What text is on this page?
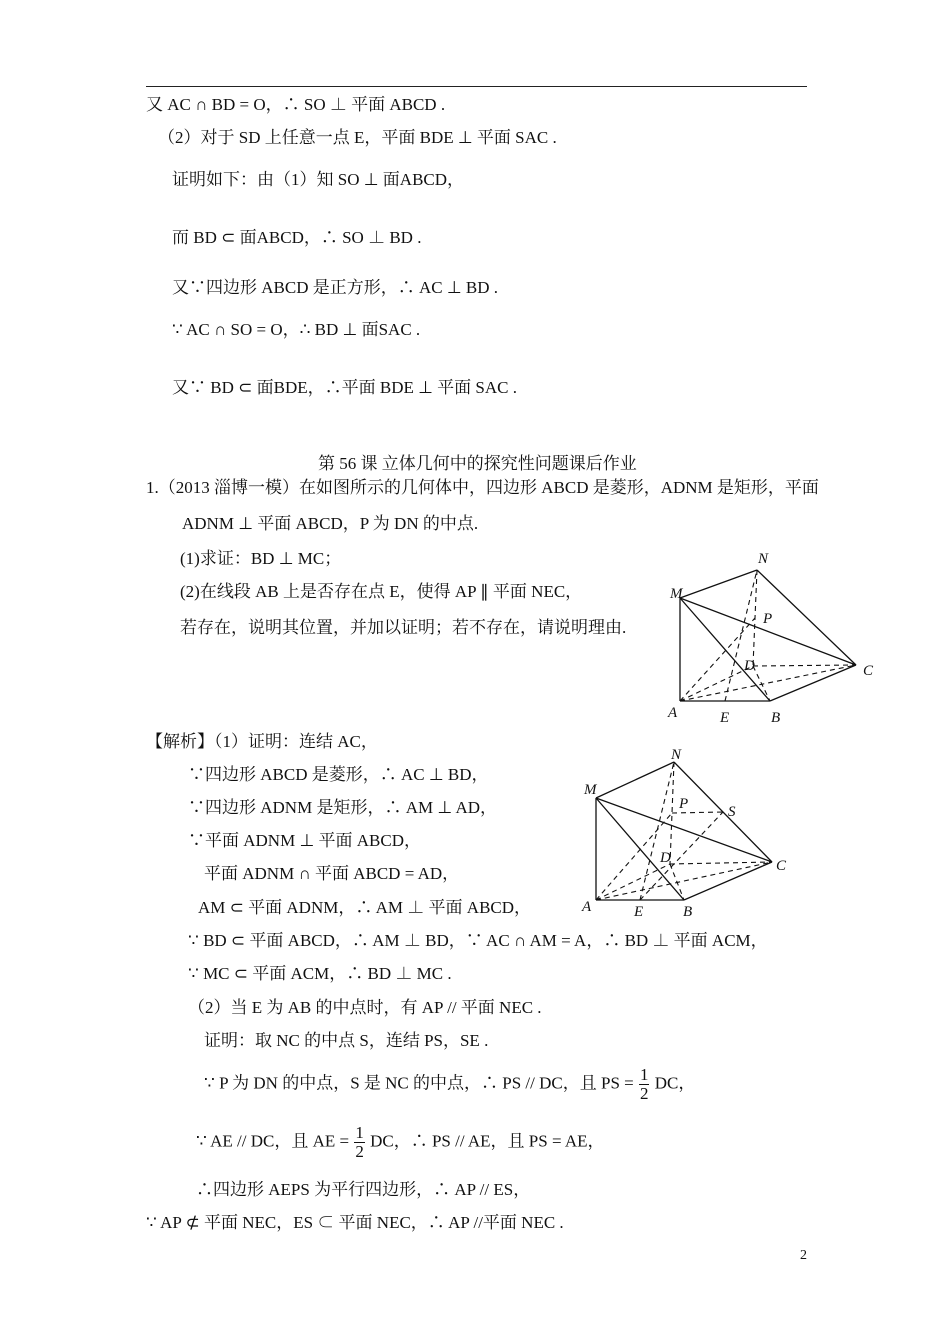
又 AC ∩ BD = O，∴ SO ⊥ 平面 ABCD .
（2）对于 SD 上任意一点 E，平面 BDE ⊥ 平面 SAC .
证明如下：由（1）知 SO ⊥ 面ABCD，
而 BD ⊂ 面ABCD，∴ SO ⊥ BD .
又∵四边形 ABCD 是正方形，∴ AC ⊥ BD .
∵ AC ∩ SO = O，∴ BD ⊥ 面SAC .
又∵ BD ⊂ 面BDE，∴平面 BDE ⊥ 平面 SAC .
第 56 课 立体几何中的探究性问题课后作业
1.（2013 淄博一模）在如图所示的几何体中，四边形 ABCD 是菱形，ADNM 是矩形，平面
ADNM ⊥ 平面 ABCD，P 为 DN 的中点.
(1)求证：BD ⊥ MC；
(2)在线段 AB 上是否存在点 E，使得 AP ∥ 平面 NEC，
若存在，说明其位置，并加以证明；若不存在，请说明理由.
N
M
P
D	C
A	E	B
【解析】（1）证明：连结 AC，
∵四边形 ABCD 是菱形，∴ AC ⊥ BD，
∵四边形 ADNM 是矩形，∴ AM ⊥ AD，
∵平面 ADNM ⊥ 平面 ABCD，
平面 ADNM ∩ 平面 ABCD = AD，
AM ⊂ 平面 ADNM，∴ AM ⊥ 平面 ABCD，
∵ BD ⊂ 平面 ABCD，∴ AM ⊥ BD，∵ AC ∩ AM = A，∴ BD ⊥ 平面 ACM，
∵ MC ⊂ 平面 ACM，∴ BD ⊥ MC .
（2）当 E 为 AB 的中点时，有 AP // 平面 NEC .
证明：取 NC 的中点 S，连结 PS，SE .
∵ P 为 DN 的中点，S 是 NC 的中点，∴ PS // DC，且 PS = $\frac{1}{2}$ DC，
∵ AE // DC，且 AE = $\frac{1}{2}$ DC，∴ PS // AE，且 PS = AE，
∴四边形 AEPS 为平行四边形，∴ AP // ES，
∵ AP ⊄ 平面 NEC，ES ⊂ 平面 NEC，∴ AP //平面 NEC .
N
M
P	S
D	C
A	E	B
2
